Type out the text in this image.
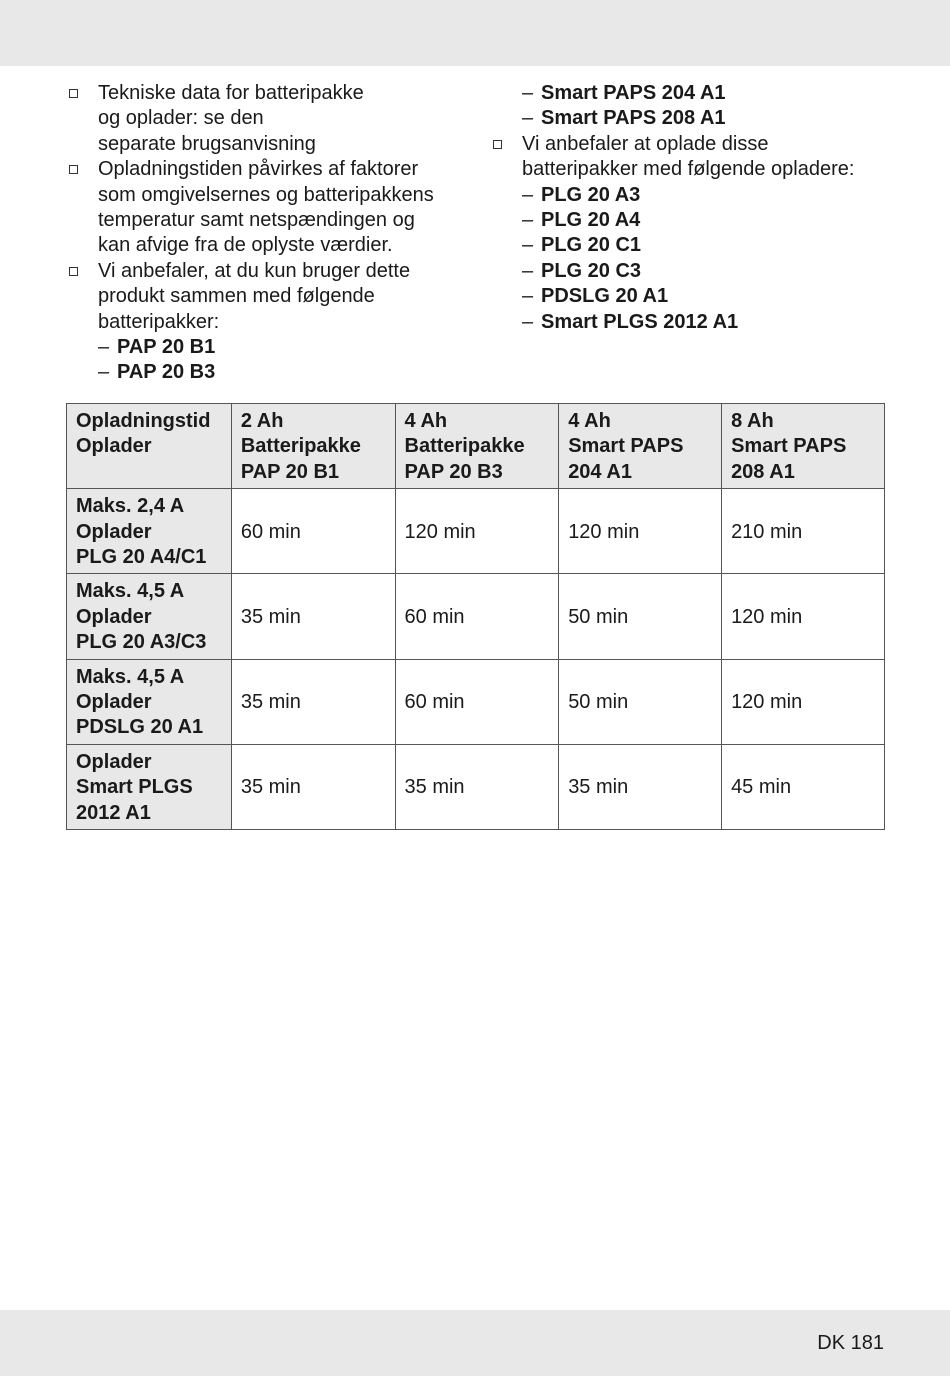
Tekniske data for batteripakke
og oplader: se den
separate brugsanvisning
Opladningstiden påvirkes af faktorer
som omgivelsernes og batteripakkens
temperatur samt netspændingen og
kan afvige fra de oplyste værdier.
Vi anbefaler, at du kun bruger dette
produkt sammen med følgende
batteripakker:
– PAP 20 B1
– PAP 20 B3
– Smart PAPS 204 A1
– Smart PAPS 208 A1
Vi anbefaler at oplade disse
batteripakker med følgende opladere:
– PLG 20 A3
– PLG 20 A4
– PLG 20 C1
– PLG 20 C3
– PDSLG 20 A1
– Smart PLGS 2012 A1
Opladningstid
Oplader	2 Ah
Batteripakke
PAP 20 B1	4 Ah
Batteripakke
PAP 20 B3	4 Ah
Smart PAPS
204 A1	8 Ah
Smart PAPS
208 A1

Maks. 2,4 A
Oplader
PLG 20 A4/C1	60 min	120 min	120 min	210 min

Maks. 4,5 A
Oplader
PLG 20 A3/C3	35 min	60 min	50 min	120 min

Maks. 4,5 A
Oplader
PDSLG 20 A1	35 min	60 min	50 min	120 min

Oplader
Smart PLGS
2012 A1	35 min	35 min	35 min	45 min
DK 181
